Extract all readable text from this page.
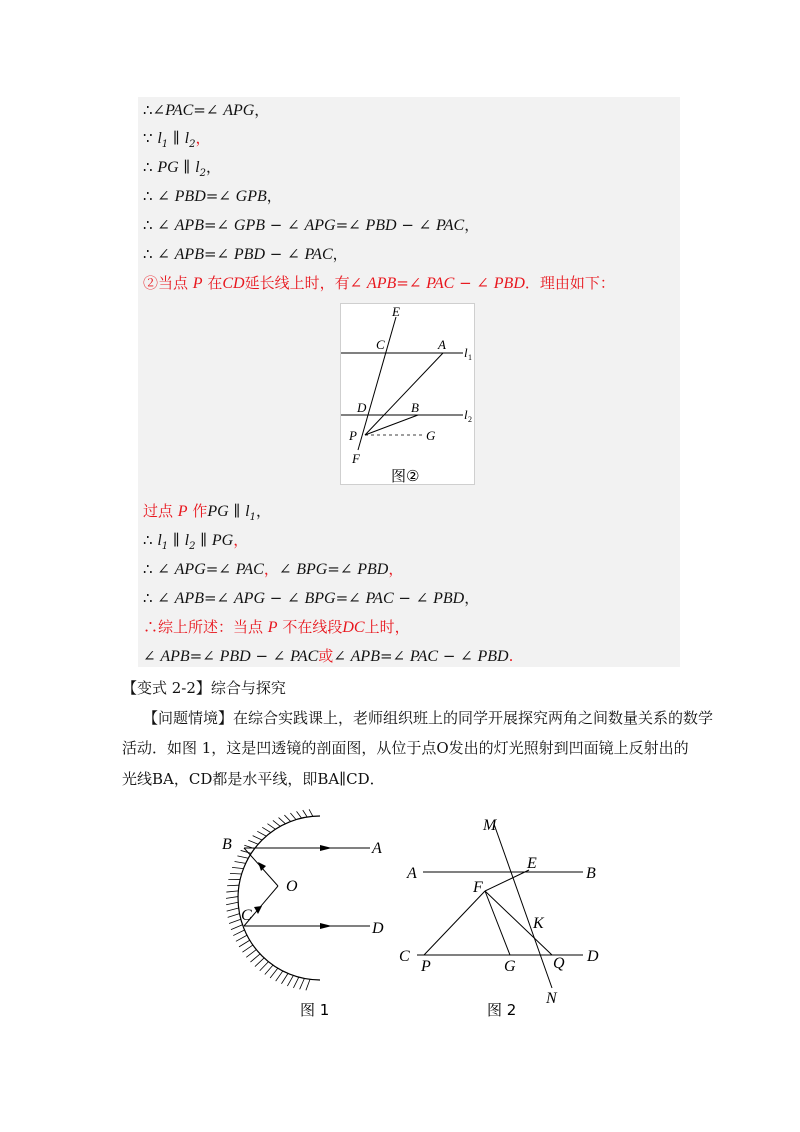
∴∠PAC=∠ APG，
∵ $l_1$ ∥ $l_2$，
∴ PG ∥ $l_2$，
∴ ∠ PBD=∠ GPB，
∴ ∠ APB=∠ GPB − ∠ APG=∠ PBD − ∠ PAC，
∴ ∠ APB=∠ PBD − ∠ PAC，
②当点 P 在CD延长线上时，有∠ APB=∠ PAC − ∠ PBD．理由如下：
E
C	A
l 1
D	B	l 2
P	G
F
图②
过点 P 作PG ∥ $l_1$，
∴ $l_1$ ∥ $l_2$ ∥ PG，
∴ ∠ APG=∠ PAC，∠ BPG=∠ PBD，
∴ ∠ APB=∠ APG − ∠ BPG=∠ PAC − ∠ PBD，
∴综上所述：当点 P 不在线段DC上时，
∠ APB=∠ PBD − ∠ PAC或∠ APB=∠ PAC − ∠ PBD.
【变式 2-2】综合与探究
【问题情境】在综合实践课上，老师组织班上的同学开展探究两角之间数量关系的数学
活动．如图 1，这是凹透镜的剖面图，从位于点O发出的灯光照射到凹面镜上反射出的
光线BA，CD都是水平线，即BA∥CD．
B	A
O
C
D
图 1
M
E
A	B
F
K
C
P	G Q D
N
图 2
